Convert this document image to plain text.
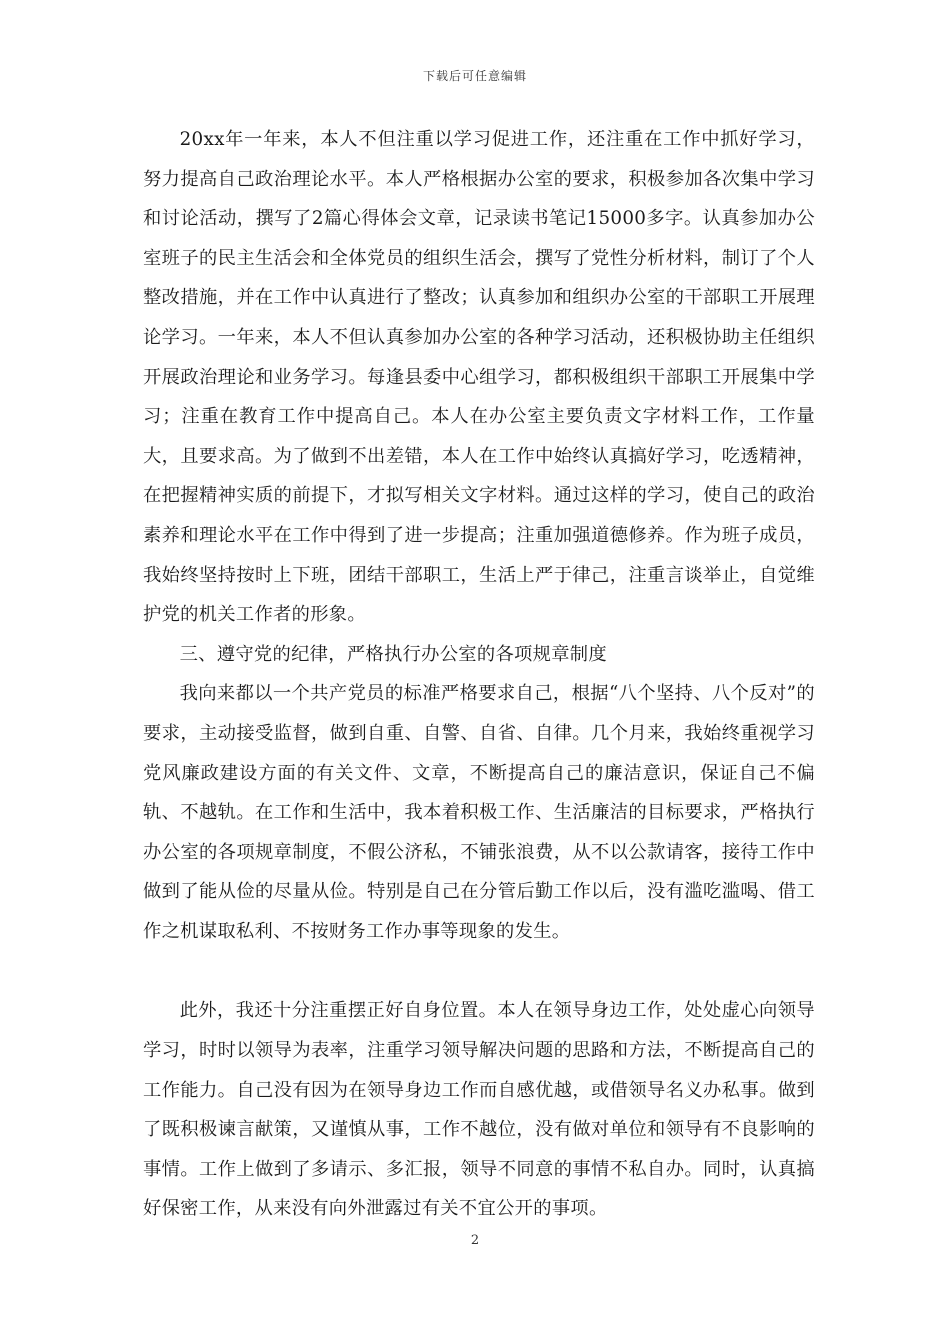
下载后可任意编辑

20xx年一年来，本人不但注重以学习促进工作，还注重在工作中抓好学习，努力提高自己政治理论水平。本人严格根据办公室的要求，积极参加各次集中学习和讨论活动，撰写了2篇心得体会文章，记录读书笔记15000多字。认真参加办公室班子的民主生活会和全体党员的组织生活会，撰写了党性分析材料，制订了个人整改措施，并在工作中认真进行了整改；认真参加和组织办公室的干部职工开展理论学习。一年来，本人不但认真参加办公室的各种学习活动，还积极协助主任组织开展政治理论和业务学习。每逢县委中心组学习，都积极组织干部职工开展集中学习；注重在教育工作中提高自己。本人在办公室主要负责文字材料工作，工作量大，且要求高。为了做到不出差错，本人在工作中始终认真搞好学习，吃透精神，在把握精神实质的前提下，才拟写相关文字材料。通过这样的学习，使自己的政治素养和理论水平在工作中得到了进一步提高；注重加强道德修养。作为班子成员，我始终坚持按时上下班，团结干部职工，生活上严于律己，注重言谈举止，自觉维护党的机关工作者的形象。

三、遵守党的纪律，严格执行办公室的各项规章制度

我向来都以一个共产党员的标准严格要求自己，根据“八个坚持、八个反对”的要求，主动接受监督，做到自重、自警、自省、自律。几个月来，我始终重视学习党风廉政建设方面的有关文件、文章，不断提高自己的廉洁意识，保证自己不偏轨、不越轨。在工作和生活中，我本着积极工作、生活廉洁的目标要求，严格执行办公室的各项规章制度，不假公济私，不铺张浪费，从不以公款请客，接待工作中做到了能从俭的尽量从俭。特别是自己在分管后勤工作以后，没有滥吃滥喝、借工作之机谋取私利、不按财务工作办事等现象的发生。

此外，我还十分注重摆正好自身位置。本人在领导身边工作，处处虚心向领导学习，时时以领导为表率，注重学习领导解决问题的思路和方法，不断提高自己的工作能力。自己没有因为在领导身边工作而自感优越，或借领导名义办私事。做到了既积极谏言献策，又谨慎从事，工作不越位，没有做对单位和领导有不良影响的事情。工作上做到了多请示、多汇报，领导不同意的事情不私自办。同时，认真搞好保密工作，从来没有向外泄露过有关不宜公开的事项。

2
